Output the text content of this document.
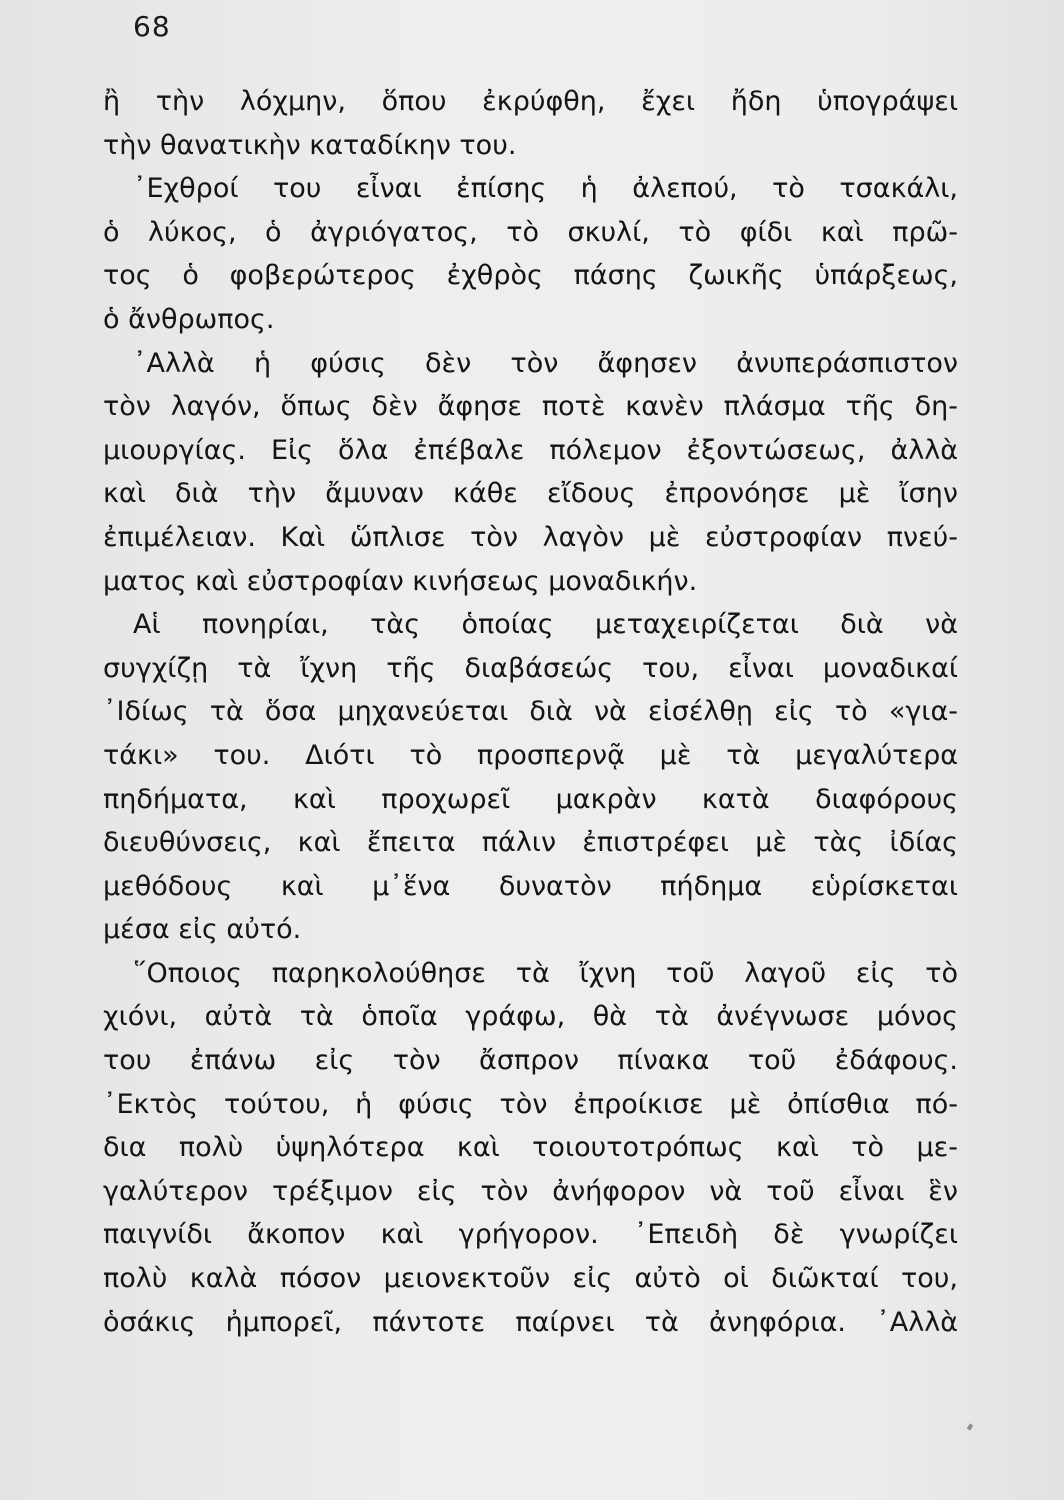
68
ἢ τὴν λόχμην, ὅπου ἐκρύφθη, ἔχει ἤδη ὑπογράψει
τὴν θανατικὴν καταδίκην του.
᾿Εχθροί του εἶναι ἐπίσης ἡ ἀλεπού, τὸ τσακάλι,
ὁ λύκος, ὁ ἀγριόγατος, τὸ σκυλί, τὸ φίδι καὶ πρῶ-
τος ὁ φοβερώτερος ἐχθρὸς πάσης ζωικῆς ὑπάρξεως,
ὁ ἄνθρωπος.
᾿Αλλὰ ἡ φύσις δὲν τὸν ἄφησεν ἀνυπεράσπιστον
τὸν λαγόν, ὅπως δὲν ἄφησε ποτὲ κανὲν πλάσμα τῆς δη-
μιουργίας. Εἰς ὅλα ἐπέβαλε πόλεμον ἐξοντώσεως, ἀλλὰ
καὶ διὰ τὴν ἄμυναν κάθε εἴδους ἐπρονόησε μὲ ἴσην
ἐπιμέλειαν. Καὶ ὥπλισε τὸν λαγὸν μὲ εὐστροφίαν πνεύ-
ματος καὶ εὐστροφίαν κινήσεως μοναδικήν.
Αἱ πονηρίαι, τὰς ὁποίας μεταχειρίζεται διὰ νὰ
συγχίζῃ τὰ ἴχνη τῆς διαβάσεώς του, εἶναι μοναδικαί
᾿Ιδίως τὰ ὅσα μηχανεύεται διὰ νὰ εἰσέλθῃ εἰς τὸ «για-
τάκι» του. Διότι τὸ προσπερνᾷ μὲ τὰ μεγαλύτερα
πηδήματα, καὶ προχωρεῖ μακρὰν κατὰ διαφόρους
διευθύνσεις, καὶ ἔπειτα πάλιν ἐπιστρέφει μὲ τὰς ἰδίας
μεθόδους καὶ μ᾿ἕνα δυνατὸν πήδημα εὑρίσκεται
μέσα εἰς αὐτό.
῞Οποιος παρηκολούθησε τὰ ἴχνη τοῦ λαγοῦ εἰς τὸ
χιόνι, αὐτὰ τὰ ὁποῖα γράφω, θὰ τὰ ἀνέγνωσε μόνος
του ἐπάνω εἰς τὸν ἄσπρον πίνακα τοῦ ἐδάφους.
᾿Εκτὸς τούτου, ἡ φύσις τὸν ἐπροίκισε μὲ ὀπίσθια πό-
δια πολὺ ὑψηλότερα καὶ τοιουτοτρόπως καὶ τὸ με-
γαλύτερον τρέξιμον εἰς τὸν ἀνήφορον νὰ τοῦ εἶναι ἓν
παιγνίδι ἄκοπον καὶ γρήγορον. ᾿Επειδὴ δὲ γνωρίζει
πολὺ καλὰ πόσον μειονεκτοῦν εἰς αὐτὸ οἱ διῶκταί του,
ὁσάκις ἠμπορεῖ, πάντοτε παίρνει τὰ ἀνηφόρια. ᾿Αλλὰ
